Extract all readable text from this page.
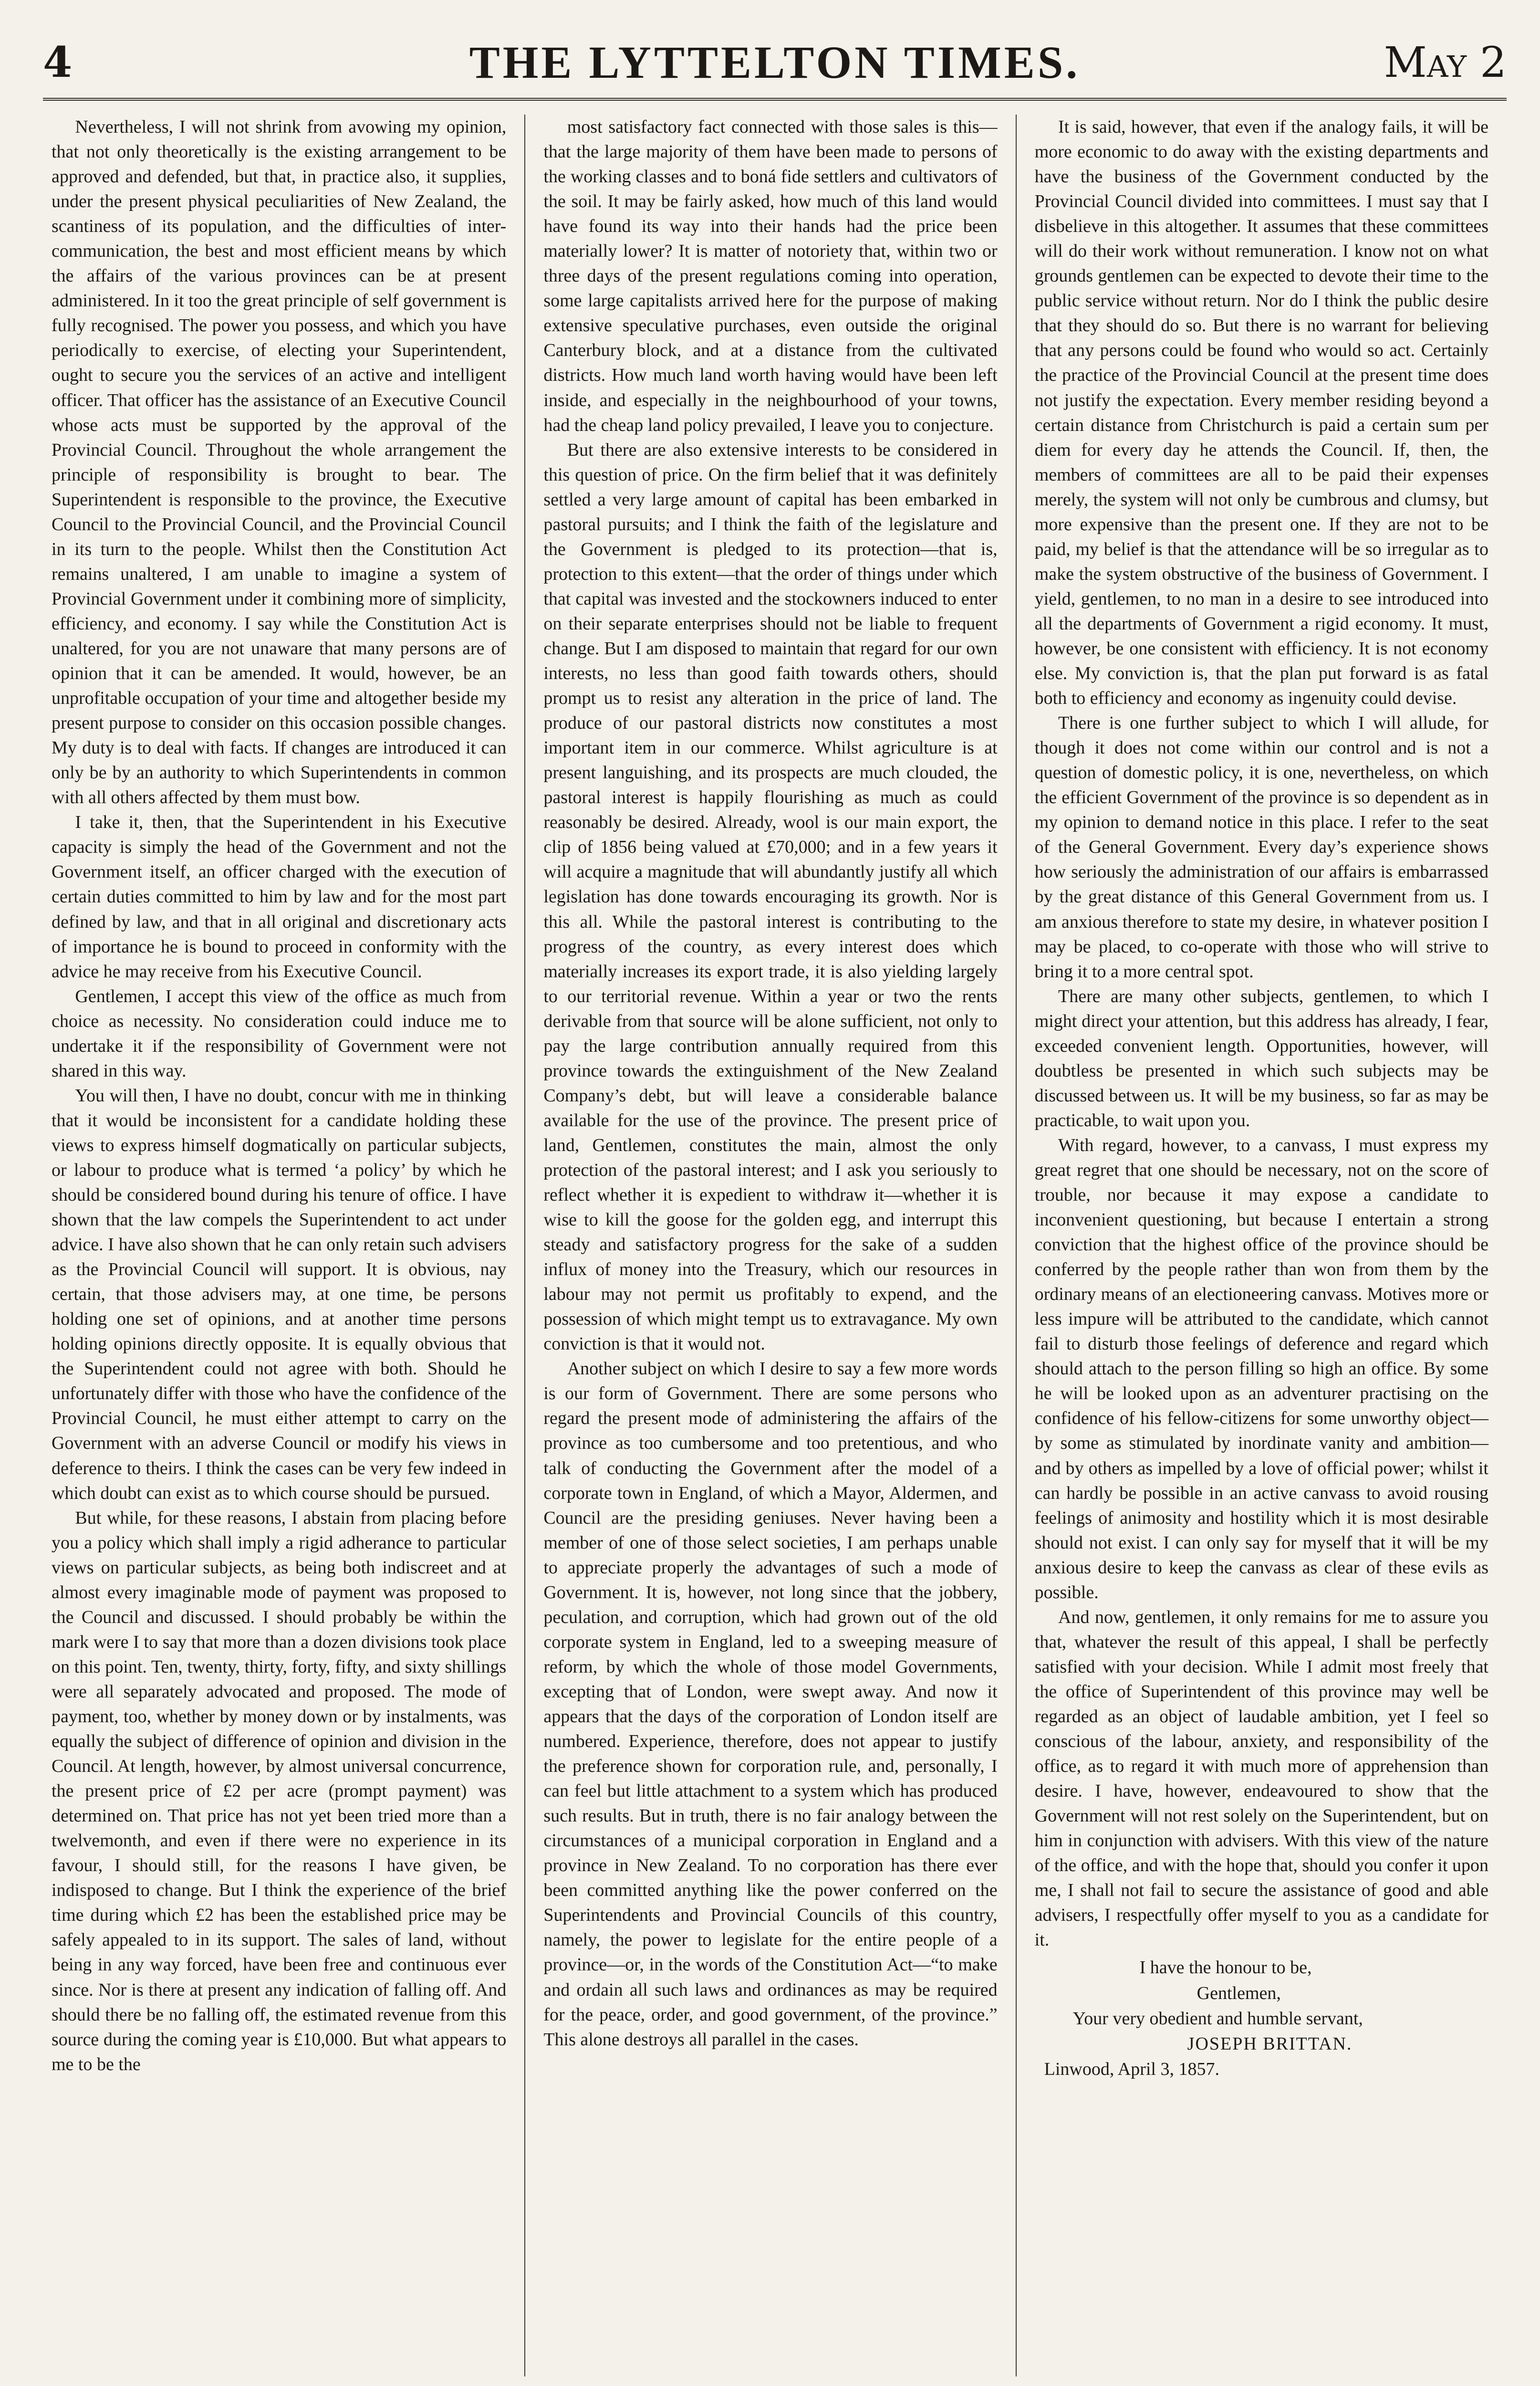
4	THE LYTTELTON TIMES.	May 2

Nevertheless, I will not shrink from avowing my opinion, that not only theoretically is the existing arrangement to be approved and defended, but that, in practice also, it supplies, under the present physical peculiarities of New Zealand, the scantiness of its population, and the difficulties of inter-communication, the best and most efficient means by which the affairs of the various provinces can be at present administered. In it too the great principle of self government is fully recognised. The power you possess, and which you have periodically to exercise, of electing your Superintendent, ought to secure you the services of an active and intelligent officer. That officer has the assistance of an Executive Council whose acts must be supported by the approval of the Provincial Council. Throughout the whole arrangement the principle of responsibility is brought to bear. The Superintendent is responsible to the province, the Executive Council to the Provincial Council, and the Provincial Council in its turn to the people. Whilst then the Constitution Act remains unaltered, I am unable to imagine a system of Provincial Government under it combining more of simplicity, efficiency, and economy. I say while the Constitution Act is unaltered, for you are not unaware that many persons are of opinion that it can be amended. It would, however, be an unprofitable occupation of your time and altogether beside my present purpose to consider on this occasion possible changes. My duty is to deal with facts. If changes are introduced it can only be by an authority to which Superintendents in common with all others affected by them must bow.

I take it, then, that the Superintendent in his Executive capacity is simply the head of the Government and not the Government itself, an officer charged with the execution of certain duties committed to him by law and for the most part defined by law, and that in all original and discretionary acts of importance he is bound to proceed in conformity with the advice he may receive from his Executive Council.

Gentlemen, I accept this view of the office as much from choice as necessity. No consideration could induce me to undertake it if the responsibility of Government were not shared in this way.

You will then, I have no doubt, concur with me in thinking that it would be inconsistent for a candidate holding these views to express himself dogmatically on particular subjects, or labour to produce what is termed ‘a policy’ by which he should be considered bound during his tenure of office. I have shown that the law compels the Superintendent to act under advice. I have also shown that he can only retain such advisers as the Provincial Council will support. It is obvious, nay certain, that those advisers may, at one time, be persons holding one set of opinions, and at another time persons holding opinions directly opposite. It is equally obvious that the Superintendent could not agree with both. Should he unfortunately differ with those who have the confidence of the Provincial Council, he must either attempt to carry on the Government with an adverse Council or modify his views in deference to theirs. I think the cases can be very few indeed in which doubt can exist as to which course should be pursued.

But while, for these reasons, I abstain from placing before you a policy which shall imply a rigid adherance to particular views on particular subjects, as being both indiscreet and at almost every imaginable mode of payment was proposed to the Council and discussed. I should probably be within the mark were I to say that more than a dozen divisions took place on this point. Ten, twenty, thirty, forty, fifty, and sixty shillings were all separately advocated and proposed. The mode of payment, too, whether by money down or by instalments, was equally the subject of difference of opinion and division in the Council. At length, however, by almost universal concurrence, the present price of £2 per acre (prompt payment) was determined on. That price has not yet been tried more than a twelvemonth, and even if there were no experience in its favour, I should still, for the reasons I have given, be indisposed to change. But I think the experience of the brief time during which £2 has been the established price may be safely appealed to in its support. The sales of land, without being in any way forced, have been free and continuous ever since. Nor is there at present any indication of falling off. And should there be no falling off, the estimated revenue from this source during the coming year is £10,000. But what appears to me to be the

most satisfactory fact connected with those sales is this—that the large majority of them have been made to persons of the working classes and to boná fide settlers and cultivators of the soil. It may be fairly asked, how much of this land would have found its way into their hands had the price been materially lower? It is matter of notoriety that, within two or three days of the present regulations coming into operation, some large capitalists arrived here for the purpose of making extensive speculative purchases, even outside the original Canterbury block, and at a distance from the cultivated districts. How much land worth having would have been left inside, and especially in the neighbourhood of your towns, had the cheap land policy prevailed, I leave you to conjecture.

But there are also extensive interests to be considered in this question of price. On the firm belief that it was definitely settled a very large amount of capital has been embarked in pastoral pursuits; and I think the faith of the legislature and the Government is pledged to its protection—that is, protection to this extent—that the order of things under which that capital was invested and the stockowners induced to enter on their separate enterprises should not be liable to frequent change. But I am disposed to maintain that regard for our own interests, no less than good faith towards others, should prompt us to resist any alteration in the price of land. The produce of our pastoral districts now constitutes a most important item in our commerce. Whilst agriculture is at present languishing, and its prospects are much clouded, the pastoral interest is happily flourishing as much as could reasonably be desired. Already, wool is our main export, the clip of 1856 being valued at £70,000; and in a few years it will acquire a magnitude that will abundantly justify all which legislation has done towards encouraging its growth. Nor is this all. While the pastoral interest is contributing to the progress of the country, as every interest does which materially increases its export trade, it is also yielding largely to our territorial revenue. Within a year or two the rents derivable from that source will be alone sufficient, not only to pay the large contribution annually required from this province towards the extinguishment of the New Zealand Company’s debt, but will leave a considerable balance available for the use of the province. The present price of land, Gentlemen, constitutes the main, almost the only protection of the pastoral interest; and I ask you seriously to reflect whether it is expedient to withdraw it—whether it is wise to kill the goose for the golden egg, and interrupt this steady and satisfactory progress for the sake of a sudden influx of money into the Treasury, which our resources in labour may not permit us profitably to expend, and the possession of which might tempt us to extravagance. My own conviction is that it would not.

Another subject on which I desire to say a few more words is our form of Government. There are some persons who regard the present mode of administering the affairs of the province as too cumbersome and too pretentious, and who talk of conducting the Government after the model of a corporate town in England, of which a Mayor, Aldermen, and Council are the presiding geniuses. Never having been a member of one of those select societies, I am perhaps unable to appreciate properly the advantages of such a mode of Government. It is, however, not long since that the jobbery, peculation, and corruption, which had grown out of the old corporate system in England, led to a sweeping measure of reform, by which the whole of those model Governments, excepting that of London, were swept away. And now it appears that the days of the corporation of London itself are numbered. Experience, therefore, does not appear to justify the preference shown for corporation rule, and, personally, I can feel but little attachment to a system which has produced such results. But in truth, there is no fair analogy between the circumstances of a municipal corporation in England and a province in New Zealand. To no corporation has there ever been committed anything like the power conferred on the Superintendents and Provincial Councils of this country, namely, the power to legislate for the entire people of a province—or, in the words of the Constitution Act—“to make and ordain all such laws and ordinances as may be required for the peace, order, and good government, of the province.” This alone destroys all parallel in the cases.

It is said, however, that even if the analogy fails, it will be more economic to do away with the existing departments and have the business of the Government conducted by the Provincial Council divided into committees. I must say that I disbelieve in this altogether. It assumes that these committees will do their work without remuneration. I know not on what grounds gentlemen can be expected to devote their time to the public service without return. Nor do I think the public desire that they should do so. But there is no warrant for believing that any persons could be found who would so act. Certainly the practice of the Provincial Council at the present time does not justify the expectation. Every member residing beyond a certain distance from Christchurch is paid a certain sum per diem for every day he attends the Council. If, then, the members of committees are all to be paid their expenses merely, the system will not only be cumbrous and clumsy, but more expensive than the present one. If they are not to be paid, my belief is that the attendance will be so irregular as to make the system obstructive of the business of Government. I yield, gentlemen, to no man in a desire to see introduced into all the departments of Government a rigid economy. It must, however, be one consistent with efficiency. It is not economy else. My conviction is, that the plan put forward is as fatal both to efficiency and economy as ingenuity could devise.

There is one further subject to which I will allude, for though it does not come within our control and is not a question of domestic policy, it is one, nevertheless, on which the efficient Government of the province is so dependent as in my opinion to demand notice in this place. I refer to the seat of the General Government. Every day’s experience shows how seriously the administration of our affairs is embarrassed by the great distance of this General Government from us. I am anxious therefore to state my desire, in whatever position I may be placed, to co-operate with those who will strive to bring it to a more central spot.

There are many other subjects, gentlemen, to which I might direct your attention, but this address has already, I fear, exceeded convenient length. Opportunities, however, will doubtless be presented in which such subjects may be discussed between us. It will be my business, so far as may be practicable, to wait upon you.

With regard, however, to a canvass, I must express my great regret that one should be necessary, not on the score of trouble, nor because it may expose a candidate to inconvenient questioning, but because I entertain a strong conviction that the highest office of the province should be conferred by the people rather than won from them by the ordinary means of an electioneering canvass. Motives more or less impure will be attributed to the candidate, which cannot fail to disturb those feelings of deference and regard which should attach to the person filling so high an office. By some he will be looked upon as an adventurer practising on the confidence of his fellow-citizens for some unworthy object—by some as stimulated by inordinate vanity and ambition—and by others as impelled by a love of official power; whilst it can hardly be possible in an active canvass to avoid rousing feelings of animosity and hostility which it is most desirable should not exist. I can only say for myself that it will be my anxious desire to keep the canvass as clear of these evils as possible.

And now, gentlemen, it only remains for me to assure you that, whatever the result of this appeal, I shall be perfectly satisfied with your decision. While I admit most freely that the office of Superintendent of this province may well be regarded as an object of laudable ambition, yet I feel so conscious of the labour, anxiety, and responsibility of the office, as to regard it with much more of apprehension than desire. I have, however, endeavoured to show that the Government will not rest solely on the Superintendent, but on him in conjunction with advisers. With this view of the nature of the office, and with the hope that, should you confer it upon me, I shall not fail to secure the assistance of good and able advisers, I respectfully offer myself to you as a candidate for it.

I have the honour to be,
Gentlemen,
Your very obedient and humble servant,
JOSEPH BRITTAN.
Linwood, April 3, 1857.
